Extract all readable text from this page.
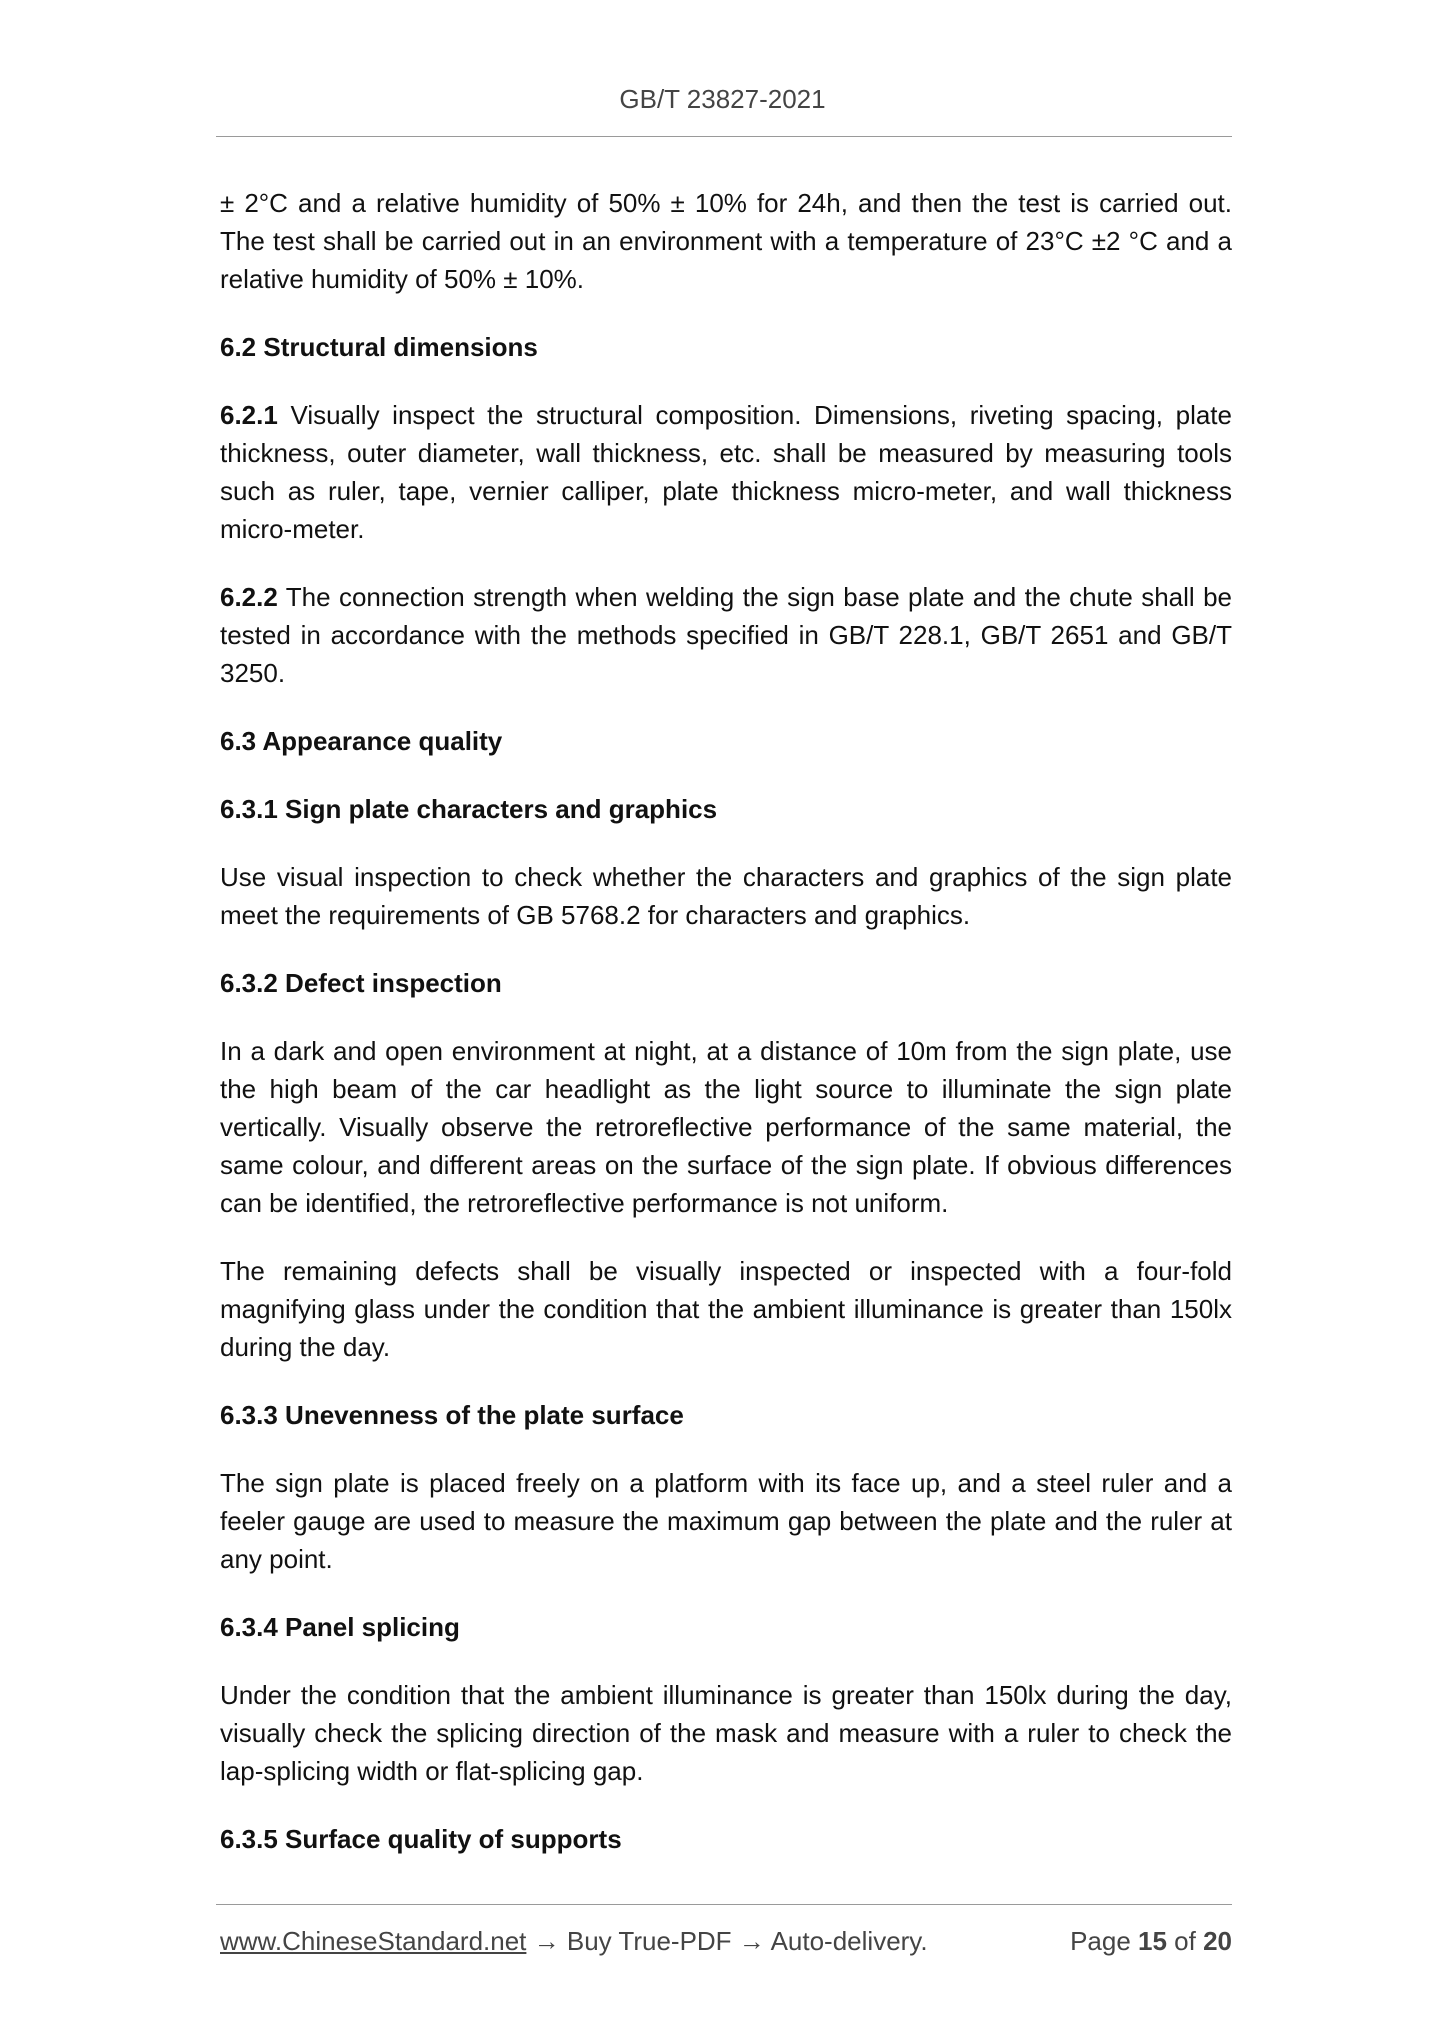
GB/T 23827-2021

± 2°C and a relative humidity of 50% ± 10% for 24h, and then the test is carried out. The test shall be carried out in an environment with a temperature of 23°C ±2 °C and a relative humidity of 50% ± 10%.

6.2 Structural dimensions

6.2.1 Visually inspect the structural composition. Dimensions, riveting spacing, plate thickness, outer diameter, wall thickness, etc. shall be measured by measuring tools such as ruler, tape, vernier calliper, plate thickness micro-meter, and wall thickness micro-meter.

6.2.2 The connection strength when welding the sign base plate and the chute shall be tested in accordance with the methods specified in GB/T 228.1, GB/T 2651 and GB/T 3250.

6.3 Appearance quality
6.3.1 Sign plate characters and graphics

Use visual inspection to check whether the characters and graphics of the sign plate meet the requirements of GB 5768.2 for characters and graphics.

6.3.2 Defect inspection

In a dark and open environment at night, at a distance of 10m from the sign plate, use the high beam of the car headlight as the light source to illuminate the sign plate vertically. Visually observe the retroreflective performance of the same material, the same colour, and different areas on the surface of the sign plate. If obvious differences can be identified, the retroreflective performance is not uniform.

The remaining defects shall be visually inspected or inspected with a four-fold magnifying glass under the condition that the ambient illuminance is greater than 150lx during the day.

6.3.3 Unevenness of the plate surface

The sign plate is placed freely on a platform with its face up, and a steel ruler and a feeler gauge are used to measure the maximum gap between the plate and the ruler at any point.

6.3.4 Panel splicing

Under the condition that the ambient illuminance is greater than 150lx during the day, visually check the splicing direction of the mask and measure with a ruler to check the lap-splicing width or flat-splicing gap.

6.3.5 Surface quality of supports
www.ChineseStandard.net → Buy True-PDF → Auto-delivery.	Page 15 of 20
